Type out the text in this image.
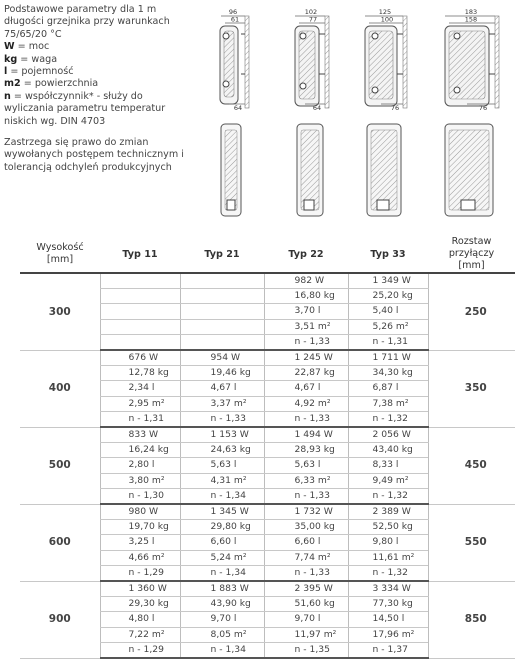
Podstawowe parametry dla 1 m
długości grzejnika przy warunkach
75/65/20 °C

W = moc

kg = waga

l = pojemność

m2 = powierzchnia

n = współczynnik* - służy do
wyliczania parametru temperatur
niskich wg. DIN 4703

Zastrzega się prawo do zmian
wywołanych postępem technicznym i
tolerancją odchyleń produkcyjnych

96
61
64
102
77
64
125
100
76
183
158
76
Wysokość
[mm]	Typ 11	Typ 21	Typ 22	Typ 33	Rozstaw przyłączy
[mm]
300			982 W	1 349 W	250
			16,80 kg	25,20 kg	
			3,70 l	5,40 l	
			3,51 m²	5,26 m²	
			n - 1,33	n - 1,31	
400	676 W	954 W	1 245 W	1 711 W	350
	12,78 kg	19,46 kg	22,87 kg	34,30 kg	
	2,34 l	4,67 l	4,67 l	6,87 l	
	2,95 m²	3,37 m²	4,92 m²	7,38 m²	
	n - 1,31	n - 1,33	n - 1,33	n - 1,32	
500	833 W	1 153 W	1 494 W	2 056 W	450
	16,24 kg	24,63 kg	28,93 kg	43,40 kg	
	2,80 l	5,63 l	5,63 l	8,33 l	
	3,80 m²	4,31 m²	6,33 m²	9,49 m²	
	n - 1,30	n - 1,34	n - 1,33	n - 1,32	
600	980 W	1 345 W	1 732 W	2 389 W	550
	19,70 kg	29,80 kg	35,00 kg	52,50 kg	
	3,25 l	6,60 l	6,60 l	9,80 l	
	4,66 m²	5,24 m²	7,74 m²	11,61 m²	
	n - 1,29	n - 1,34	n - 1,33	n - 1,32	
900	1 360 W	1 883 W	2 395 W	3 334 W	850
	29,30 kg	43,90 kg	51,60 kg	77,30 kg	
	4,80 l	9,70 l	9,70 l	14,50 l	
	7,22 m²	8,05 m²	11,97 m²	17,96 m²	
	n - 1,29	n - 1,34	n - 1,35	n - 1,37	
